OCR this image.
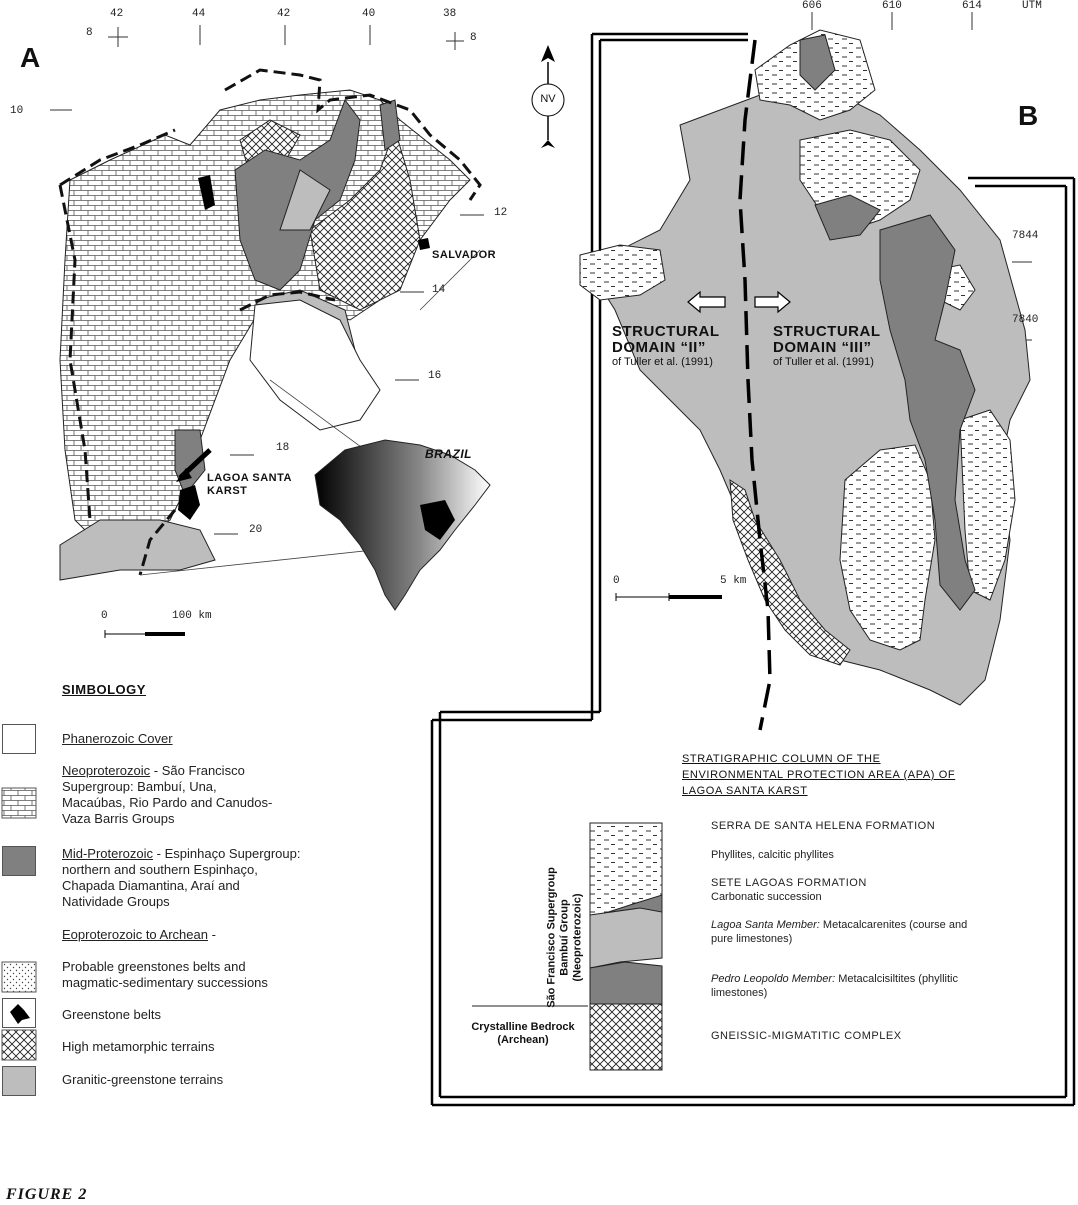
A
42	44	42	40	38
8	8
10
12
14
16
18
20
SALVADOR
LAGOA SANTA
KARST
BRAZIL
0	100 km
B
606	610	614	UTM
7844
7840
NV
STRUCTURAL
DOMAIN “II”
of Tuller et al. (1991)
STRUCTURAL
DOMAIN “III”
of Tuller et al. (1991)
0	5 km
SIMBOLOGY
Phanerozoic Cover
Neoproterozoic - São Francisco Supergroup: Bambuí, Una, Macaúbas, Rio Pardo and Canudos-Vaza Barris Groups
Mid-Proterozoic - Espinhaço Supergroup: northern and southern Espinhaço, Chapada Diamantina, Araí and Natividade Groups
Eoproterozoic to Archean -
Probable greenstones belts and magmatic-sedimentary successions
Greenstone belts
High metamorphic terrains
Granitic-greenstone terrains
STRATIGRAPHIC COLUMN OF THE ENVIRONMENTAL PROTECTION AREA (APA) OF LAGOA SANTA KARST
São Francisco Supergroup Bambuí Group (Neoproterozoic)
Crystalline Bedrock
(Archean)
SERRA DE SANTA HELENA FORMATION
Phyllites, calcitic phyllites
SETE LAGOAS FORMATION
Carbonatic succession
Lagoa Santa Member: Metacalcarenites (course and pure limestones)
Pedro Leopoldo Member: Metacalcisiltites (phyllitic limestones)
GNEISSIC-MIGMATITIC COMPLEX
FIGURE 2
